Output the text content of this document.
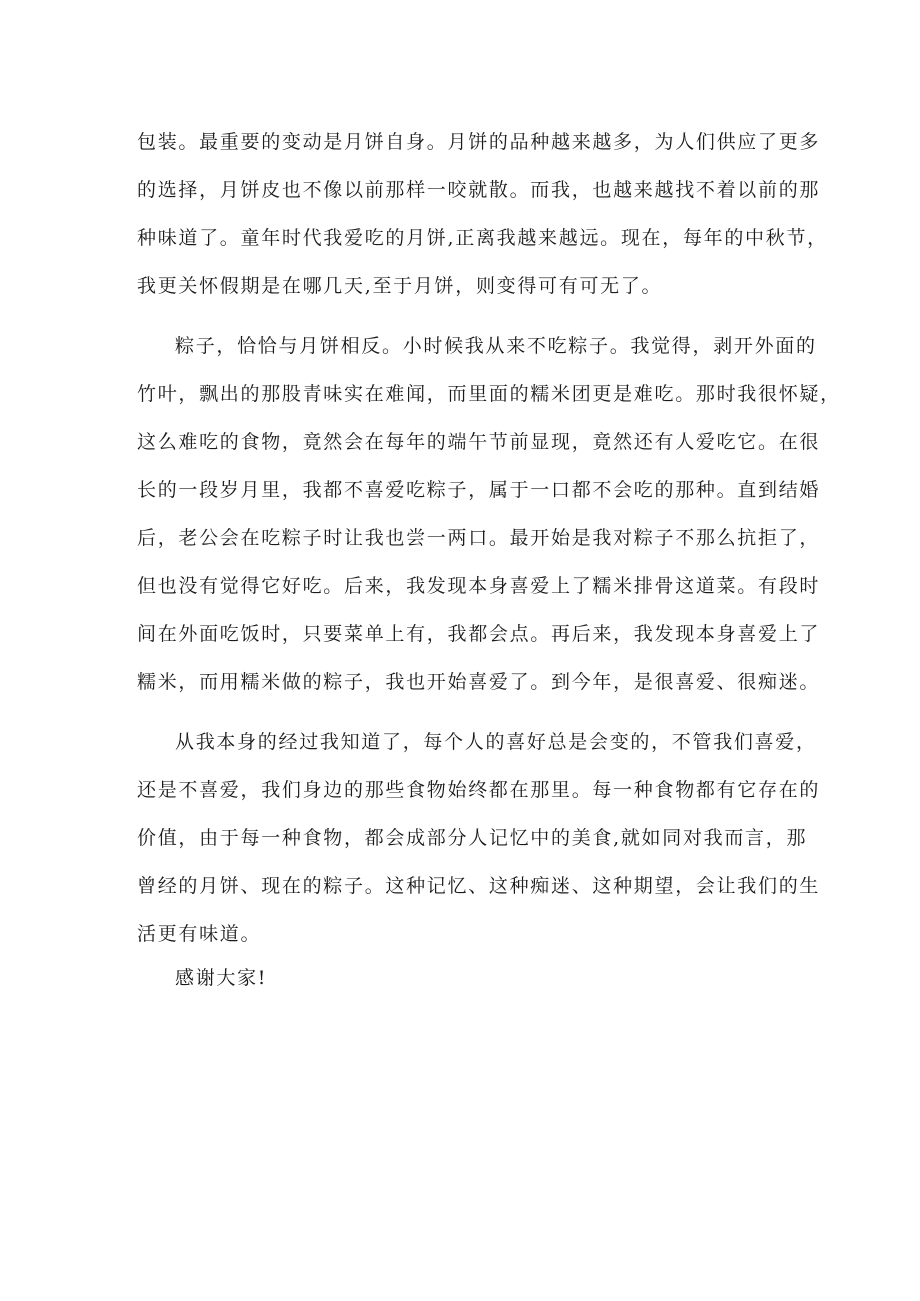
包装。最重要的变动是月饼自身。月饼的品种越来越多，为人们供应了更多
的选择，月饼皮也不像以前那样一咬就散。而我，也越来越找不着以前的那
种味道了。童年时代我爱吃的月饼,正离我越来越远。现在，每年的中秋节，
我更关怀假期是在哪几天,至于月饼，则变得可有可无了。
粽子，恰恰与月饼相反。小时候我从来不吃粽子。我觉得，剥开外面的
竹叶，飘出的那股青味实在难闻，而里面的糯米团更是难吃。那时我很怀疑，
这么难吃的食物，竟然会在每年的端午节前显现，竟然还有人爱吃它。在很
长的一段岁月里，我都不喜爱吃粽子，属于一口都不会吃的那种。直到结婚
后，老公会在吃粽子时让我也尝一两口。最开始是我对粽子不那么抗拒了，
但也没有觉得它好吃。后来，我发现本身喜爱上了糯米排骨这道菜。有段时
间在外面吃饭时，只要菜单上有，我都会点。再后来，我发现本身喜爱上了
糯米，而用糯米做的粽子，我也开始喜爱了。到今年，是很喜爱、很痴迷。
从我本身的经过我知道了，每个人的喜好总是会变的，不管我们喜爱，
还是不喜爱，我们身边的那些食物始终都在那里。每一种食物都有它存在的
价值，由于每一种食物，都会成部分人记忆中的美食,就如同对我而言，那
曾经的月饼、现在的粽子。这种记忆、这种痴迷、这种期望，会让我们的生
活更有味道。
感谢大家!
